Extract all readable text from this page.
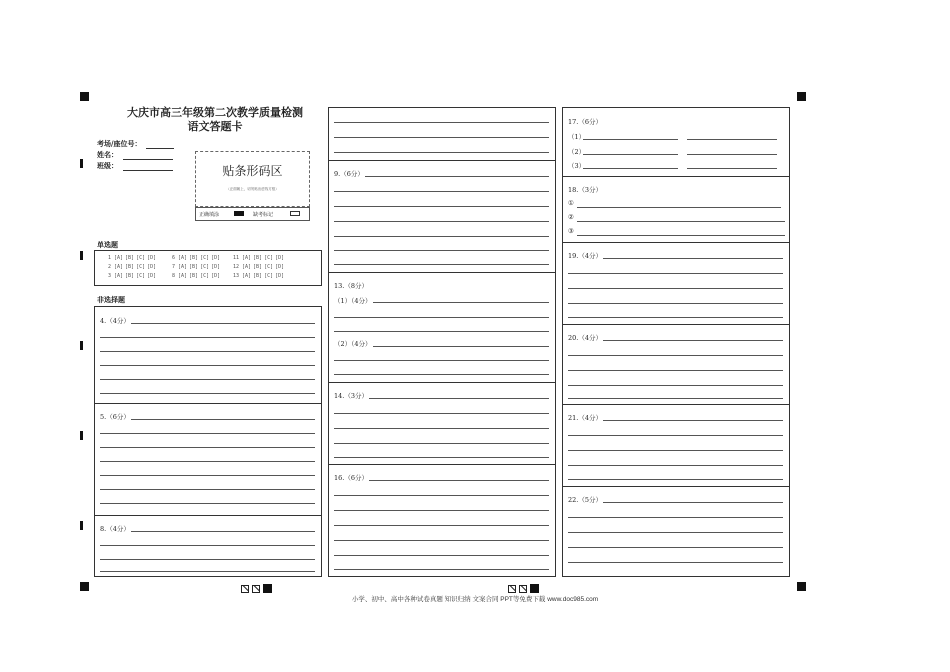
大庆市高三年级第二次教学质量检测
语文答题卡
考场/座位号：
姓名：
班级：	贴条形码区
（正面朝上，切勿贴出虚线方框）
正确填涂	缺考标记
单选题
1 [A] [B] [C] [D]
2 [A] [B] [C] [D]
3 [A] [B] [C] [D]
6 [A] [B] [C] [D]
7 [A] [B] [C] [D]
8 [A] [B] [C] [D]
11 [A] [B] [C] [D]
12 [A] [B] [C] [D]
13 [A] [B] [C] [D]
非选择题
4.（4分）
5.（6分）
8.（4分）
9.（6分）
13.（8分）
（1）（4分）
（2）（4分）
14.（3分）
16.（6分）
17.（6分）
（1）
（2）
（3）
18.（3分）
①
②
③
19.（4分）
20.（4分）
21.（4分）
22.（5分）
小学、初中、高中各种试卷真题 知识归纳 文案合同 PPT等免费下载 www.doc985.com
